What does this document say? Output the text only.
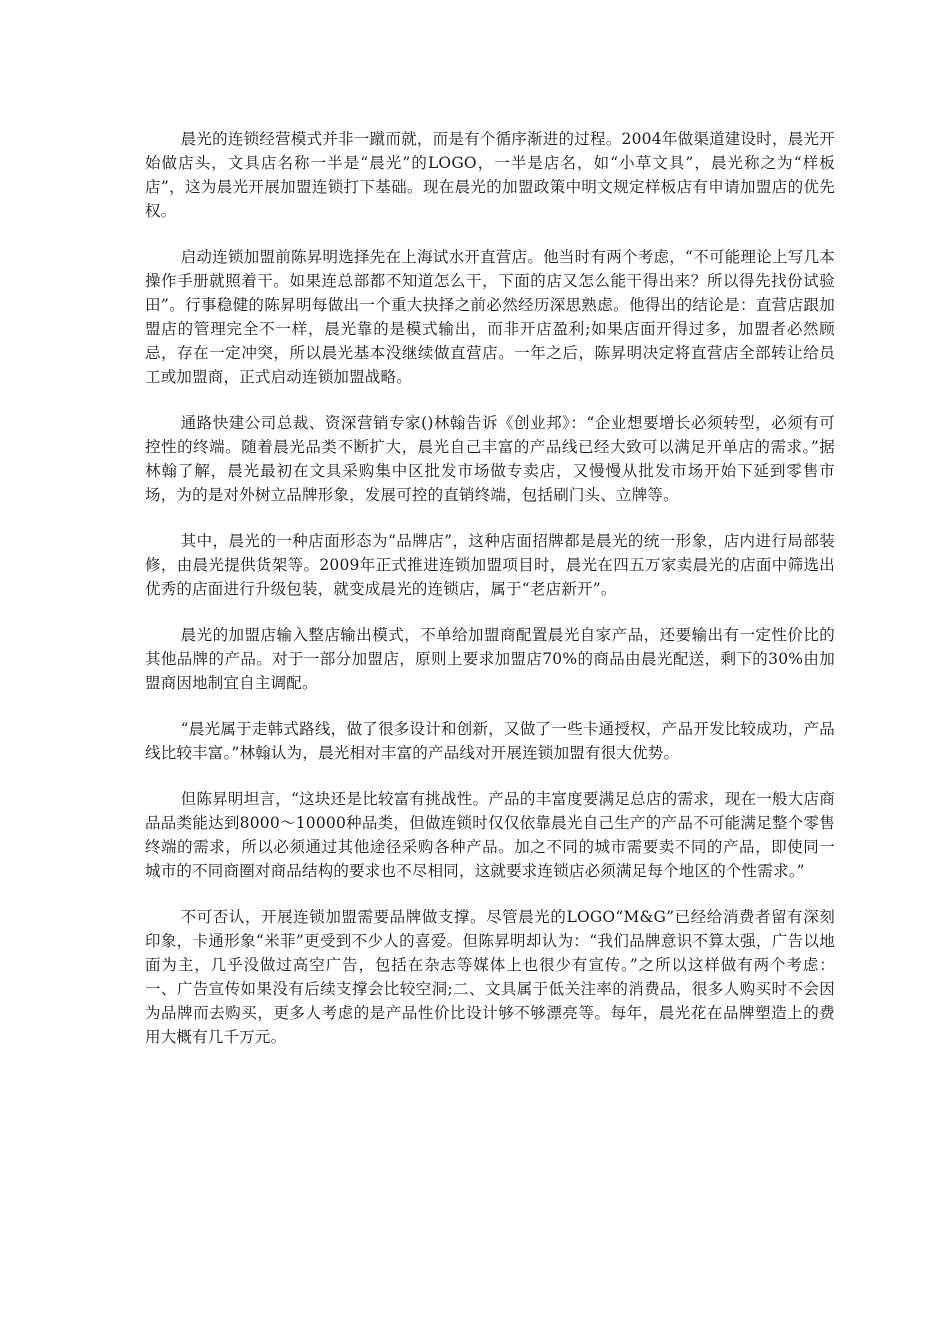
晨光的连锁经营模式并非一蹴而就，而是有个循序渐进的过程。2004年做渠道建设时，晨光开始做店头，文具店名称一半是“晨光”的LOGO，一半是店名，如“小草文具”，晨光称之为“样板店”，这为晨光开展加盟连锁打下基础。现在晨光的加盟政策中明文规定样板店有申请加盟店的优先权。

启动连锁加盟前陈昇明选择先在上海试水开直营店。他当时有两个考虑，“不可能理论上写几本操作手册就照着干。如果连总部都不知道怎么干，下面的店又怎么能干得出来？所以得先找份试验田”。行事稳健的陈昇明每做出一个重大抉择之前必然经历深思熟虑。他得出的结论是：直营店跟加盟店的管理完全不一样，晨光靠的是模式输出，而非开店盈利;如果店面开得过多，加盟者必然顾忌，存在一定冲突，所以晨光基本没继续做直营店。一年之后，陈昇明决定将直营店全部转让给员工或加盟商，正式启动连锁加盟战略。

通路快建公司总裁、资深营销专家()林翰告诉《创业邦》：“企业想要增长必须转型，必须有可控性的终端。随着晨光品类不断扩大，晨光自己丰富的产品线已经大致可以满足开单店的需求。”据林翰了解，晨光最初在文具采购集中区批发市场做专卖店，又慢慢从批发市场开始下延到零售市场，为的是对外树立品牌形象，发展可控的直销终端，包括刷门头、立牌等。

其中，晨光的一种店面形态为“品牌店”，这种店面招牌都是晨光的统一形象，店内进行局部装修，由晨光提供货架等。2009年正式推进连锁加盟项目时，晨光在四五万家卖晨光的店面中筛选出优秀的店面进行升级包装，就变成晨光的连锁店，属于“老店新开”。

晨光的加盟店输入整店输出模式，不单给加盟商配置晨光自家产品，还要输出有一定性价比的其他品牌的产品。对于一部分加盟店，原则上要求加盟店70%的商品由晨光配送，剩下的30%由加盟商因地制宜自主调配。

“晨光属于走韩式路线，做了很多设计和创新，又做了一些卡通授权，产品开发比较成功，产品线比较丰富。”林翰认为，晨光相对丰富的产品线对开展连锁加盟有很大优势。

但陈昇明坦言，“这块还是比较富有挑战性。产品的丰富度要满足总店的需求，现在一般大店商品品类能达到8000～10000种品类，但做连锁时仅仅依靠晨光自己生产的产品不可能满足整个零售终端的需求，所以必须通过其他途径采购各种产品。加之不同的城市需要卖不同的产品，即使同一城市的不同商圈对商品结构的要求也不尽相同，这就要求连锁店必须满足每个地区的个性需求。”

不可否认，开展连锁加盟需要品牌做支撑。尽管晨光的LOGO“M&G”已经给消费者留有深刻印象，卡通形象“米菲”更受到不少人的喜爱。但陈昇明却认为：“我们品牌意识不算太强，广告以地面为主，几乎没做过高空广告，包括在杂志等媒体上也很少有宣传。”之所以这样做有两个考虑：一、广告宣传如果没有后续支撑会比较空洞;二、文具属于低关注率的消费品，很多人购买时不会因为品牌而去购买，更多人考虑的是产品性价比设计够不够漂亮等。每年，晨光花在品牌塑造上的费用大概有几千万元。
